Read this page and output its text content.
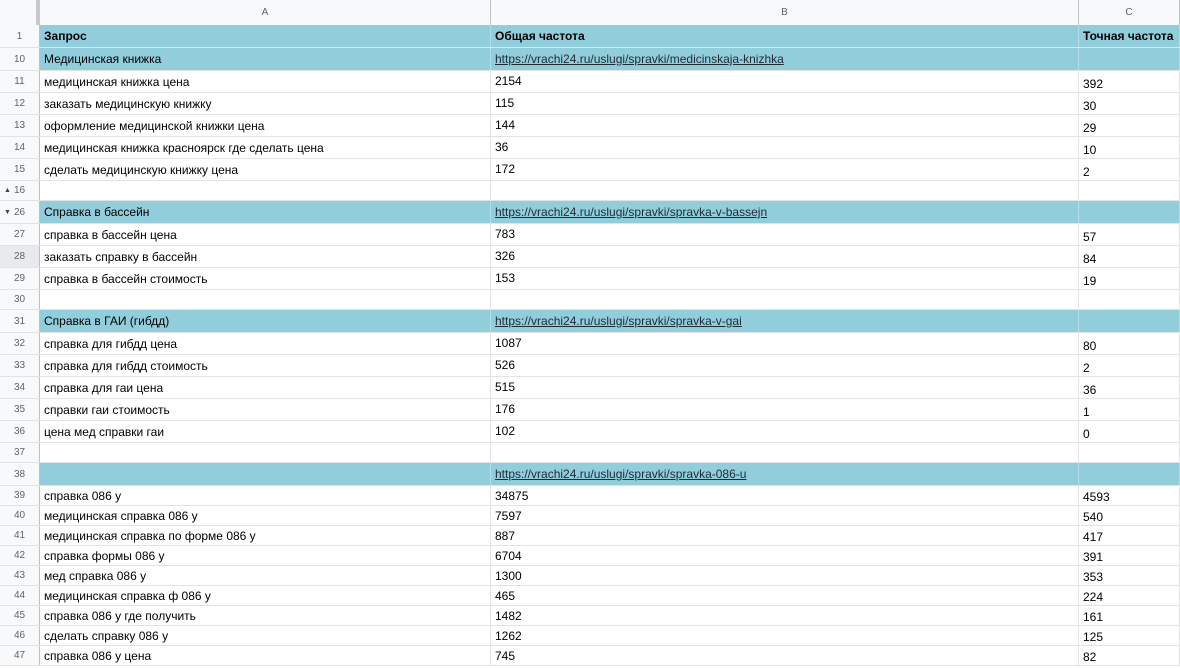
A	B	C
1 Запрос	Общая частота	Точная частота
10 Медицинская книжка	https://vrachi24.ru/uslugi/spravki/medicinskaja-knizhka
11 медицинская книжка цена	2154	392
12 заказать медицинскую книжку	115	30
13 оформление медицинской книжки цена	144	29
14 медицинская книжка красноярск где сделать цена	36	10
15 сделать медицинскую книжку цена	172	2
▲ 16
▼ 26 Справка в бассейн	https://vrachi24.ru/uslugi/spravki/spravka-v-bassejn
27 справка в бассейн цена	783	57
28 заказать справку в бассейн	326	84
29 справка в бассейн стоимость	153	19
30
31 Справка в ГАИ (гибдд)	https://vrachi24.ru/uslugi/spravki/spravka-v-gai
32 справка для гибдд цена	1087	80
33 справка для гибдд стоимость	526	2
34 справка для гаи цена	515	36
35 справки гаи стоимость	176	1
36 цена мед справки гаи	102	0
37
38	https://vrachi24.ru/uslugi/spravki/spravka-086-u
39 справка 086 у	34875	4593
40 медицинская справка 086 у	7597	540
41 медицинская справка по форме 086 у	887	417
42 справка формы 086 у	6704	391
43 мед справка 086 у	1300	353
44 медицинская справка ф 086 у	465	224
45 справка 086 у где получить	1482	161
46 сделать справку 086 у	1262	125
47 справка 086 у цена	745	82
